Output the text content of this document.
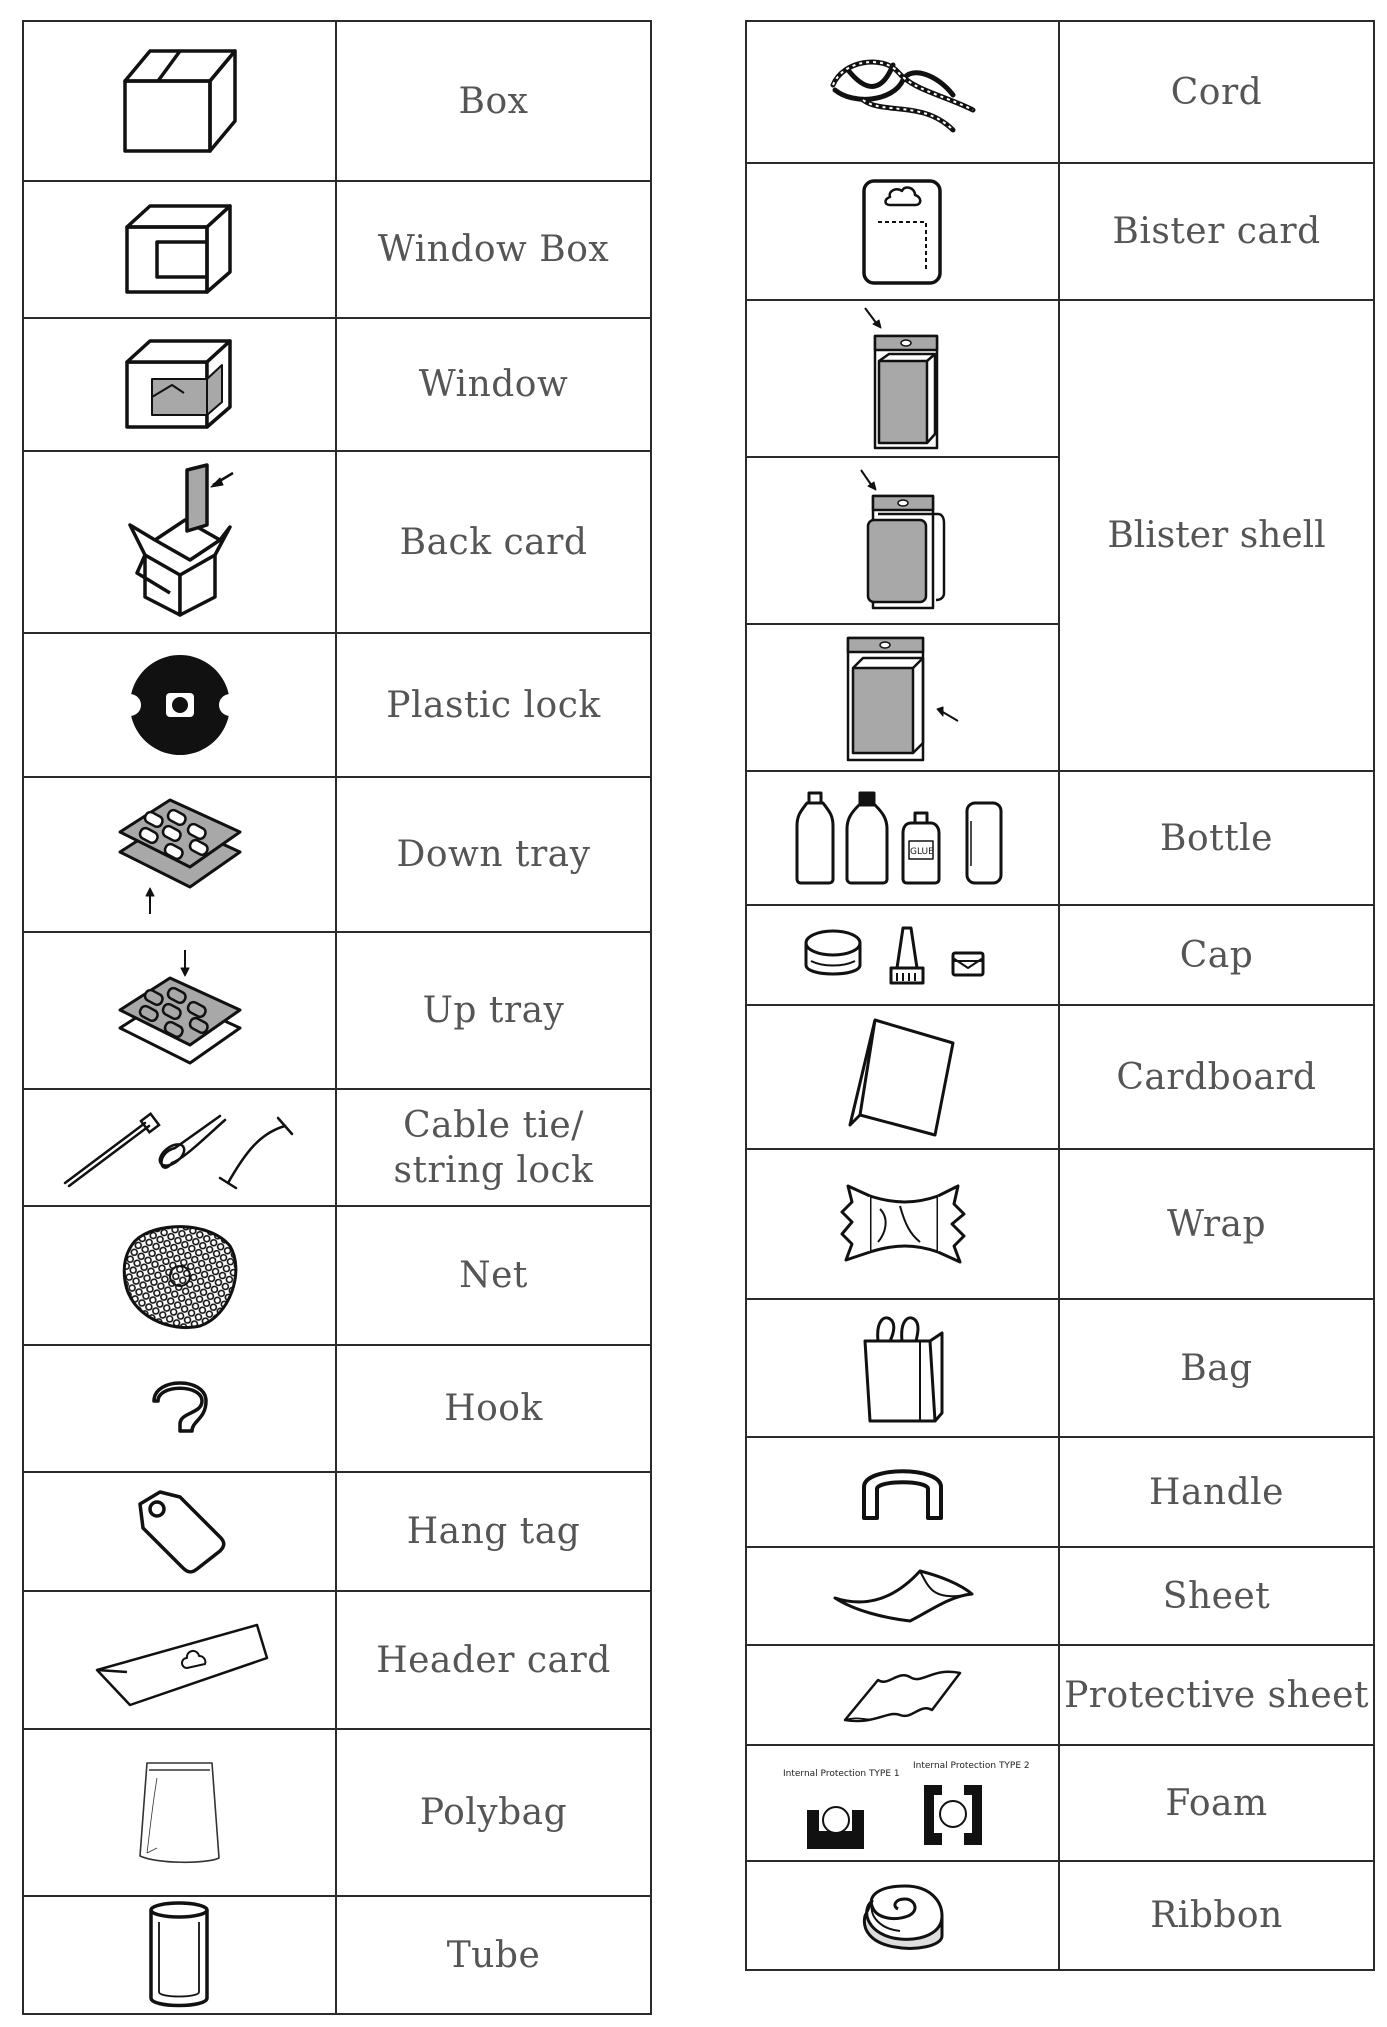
Box
Window Box
Window
Back card
Plastic lock
Down tray
Up tray
Cable tie/
string lock
Net
Hook
Hang tag
Header card
Polybag
Tube
Cord
Bister card
Blister shell
GLUE	Bottle
Cap
Cardboard
Wrap
Bag
Handle
Sheet
Protective sheet
Internal Protection TYPE 1
Internal Protection TYPE 2
Foam
Ribbon
